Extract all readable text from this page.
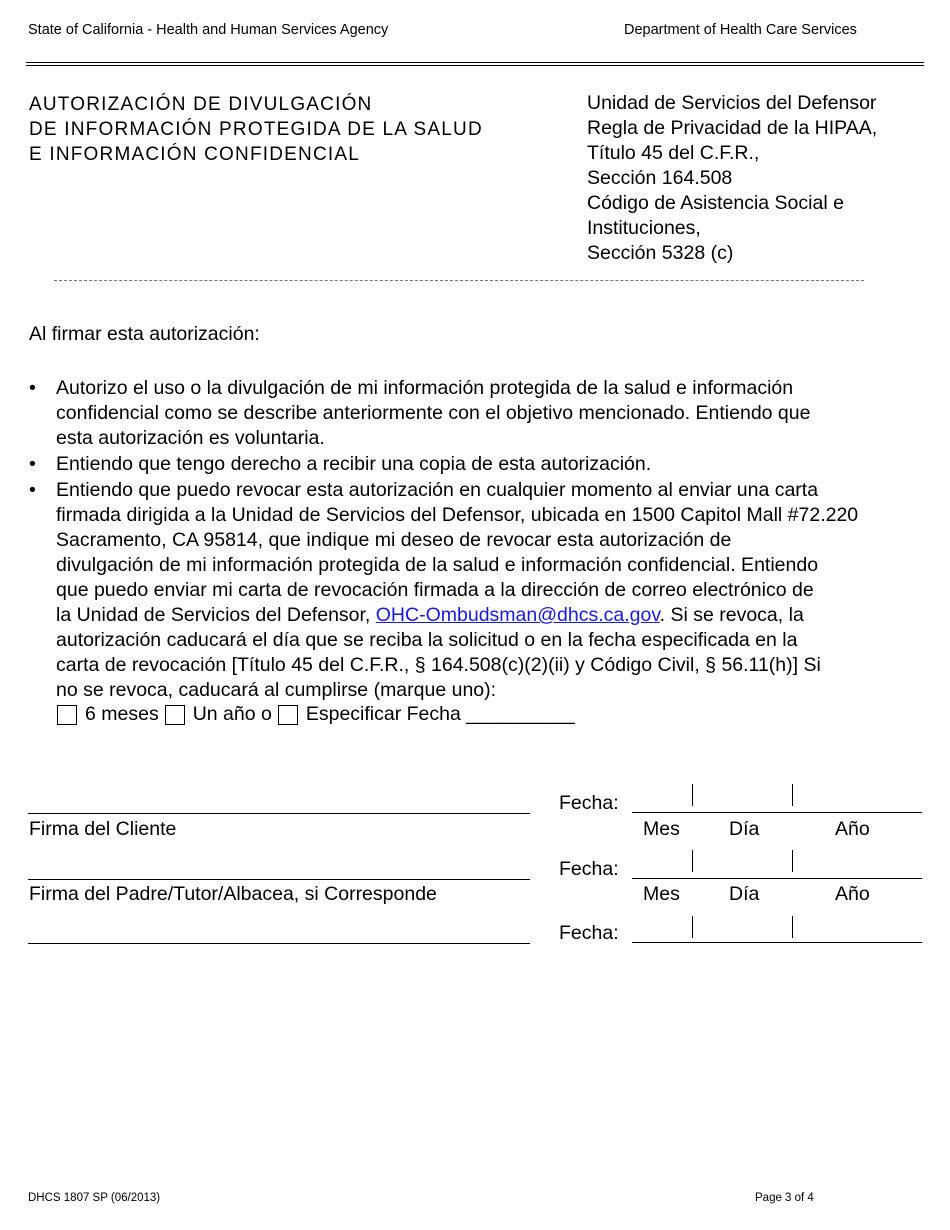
State of California - Health and Human Services Agency	Department of Health Care Services
AUTORIZACIÓN DE DIVULGACIÓN
DE INFORMACIÓN PROTEGIDA DE LA SALUD
E INFORMACIÓN CONFIDENCIAL
Unidad de Servicios del Defensor
Regla de Privacidad de la HIPAA,
Título 45 del C.F.R.,
Sección 164.508
Código de Asistencia Social e
Instituciones,
Sección 5328 (c)
Al firmar esta autorización:
• Autorizo el uso o la divulgación de mi información protegida de la salud e información
confidencial como se describe anteriormente con el objetivo mencionado. Entiendo que
esta autorización es voluntaria.
• Entiendo que tengo derecho a recibir una copia de esta autorización.
• Entiendo que puedo revocar esta autorización en cualquier momento al enviar una carta
firmada dirigida a la Unidad de Servicios del Defensor, ubicada en 1500 Capitol Mall #72.220
Sacramento, CA 95814, que indique mi deseo de revocar esta autorización de
divulgación de mi información protegida de la salud e información confidencial. Entiendo
que puedo enviar mi carta de revocación firmada a la dirección de correo electrónico de
la Unidad de Servicios del Defensor, OHC-Ombudsman@dhcs.ca.gov. Si se revoca, la
autorización caducará el día que se reciba la solicitud o en la fecha especificada en la
carta de revocación [Título 45 del C.F.R., § 164.508(c)(2)(ii) y Código Civil, § 56.11(h)] Si
no se revoca, caducará al cumplirse (marque uno):
6 meses Un año o Especificar Fecha __________
Fecha:
Firma del Cliente	Mes	Día	Año
Fecha:
Firma del Padre/Tutor/Albacea, si Corresponde	Mes	Día	Año
Fecha:
DHCS 1807 SP (06/2013)	Page 3 of 4
